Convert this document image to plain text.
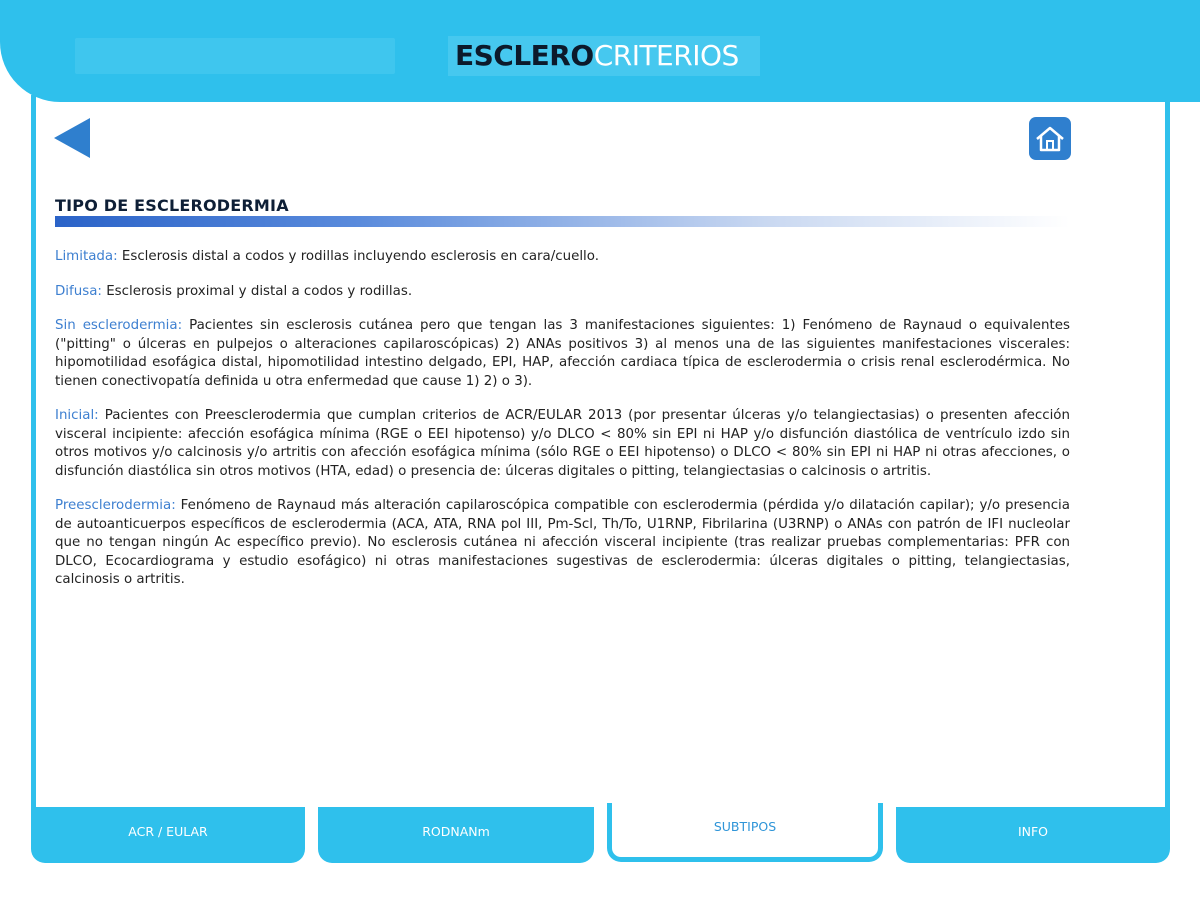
ESCLEROCRITERIOS
TIPO DE ESCLERODERMIA

Limitada: Esclerosis distal a codos y rodillas incluyendo esclerosis en cara/cuello.

Difusa: Esclerosis proximal y distal a codos y rodillas.

Sin esclerodermia: Pacientes sin esclerosis cutánea pero que tengan las 3 manifestaciones siguientes: 1) Fenómeno de Raynaud o equivalentes ("pitting" o úlceras en pulpejos o alteraciones capilaroscópicas) 2) ANAs positivos 3) al menos una de las siguientes manifestaciones viscerales: hipomotilidad esofágica distal, hipomotilidad intestino delgado, EPI, HAP, afección cardiaca típica de esclerodermia o crisis renal esclerodérmica. No tienen conectivopatía definida u otra enfermedad que cause 1) 2) o 3).

Inicial: Pacientes con Preesclerodermia que cumplan criterios de ACR/EULAR 2013 (por presentar úlceras y/o telangiectasias) o presenten afección visceral incipiente: afección esofágica mínima (RGE o EEI hipotenso) y/o DLCO < 80% sin EPI ni HAP y/o disfunción diastólica de ventrículo izdo sin otros motivos y/o calcinosis y/o artritis con afección esofágica mínima (sólo RGE o EEI hipotenso) o DLCO < 80% sin EPI ni HAP ni otras afecciones, o disfunción diastólica sin otros motivos (HTA, edad) o presencia de: úlceras digitales o pitting, telangiectasias o calcinosis o artritis.

Preesclerodermia: Fenómeno de Raynaud más alteración capilaroscópica compatible con esclerodermia (pérdida y/o dilatación capilar); y/o presencia de autoanticuerpos específicos de esclerodermia (ACA, ATA, RNA pol III, Pm-Scl, Th/To, U1RNP, Fibrilarina (U3RNP) o ANAs con patrón de IFI nucleolar que no tengan ningún Ac específico previo). No esclerosis cutánea ni afección visceral incipiente (tras realizar pruebas complementarias: PFR con DLCO, Ecocardiograma y estudio esofágico) ni otras manifestaciones sugestivas de esclerodermia: úlceras digitales o pitting, telangiectasias, calcinosis o artritis.

ACR / EULAR	RODNANm	SUBTIPOS	INFO
